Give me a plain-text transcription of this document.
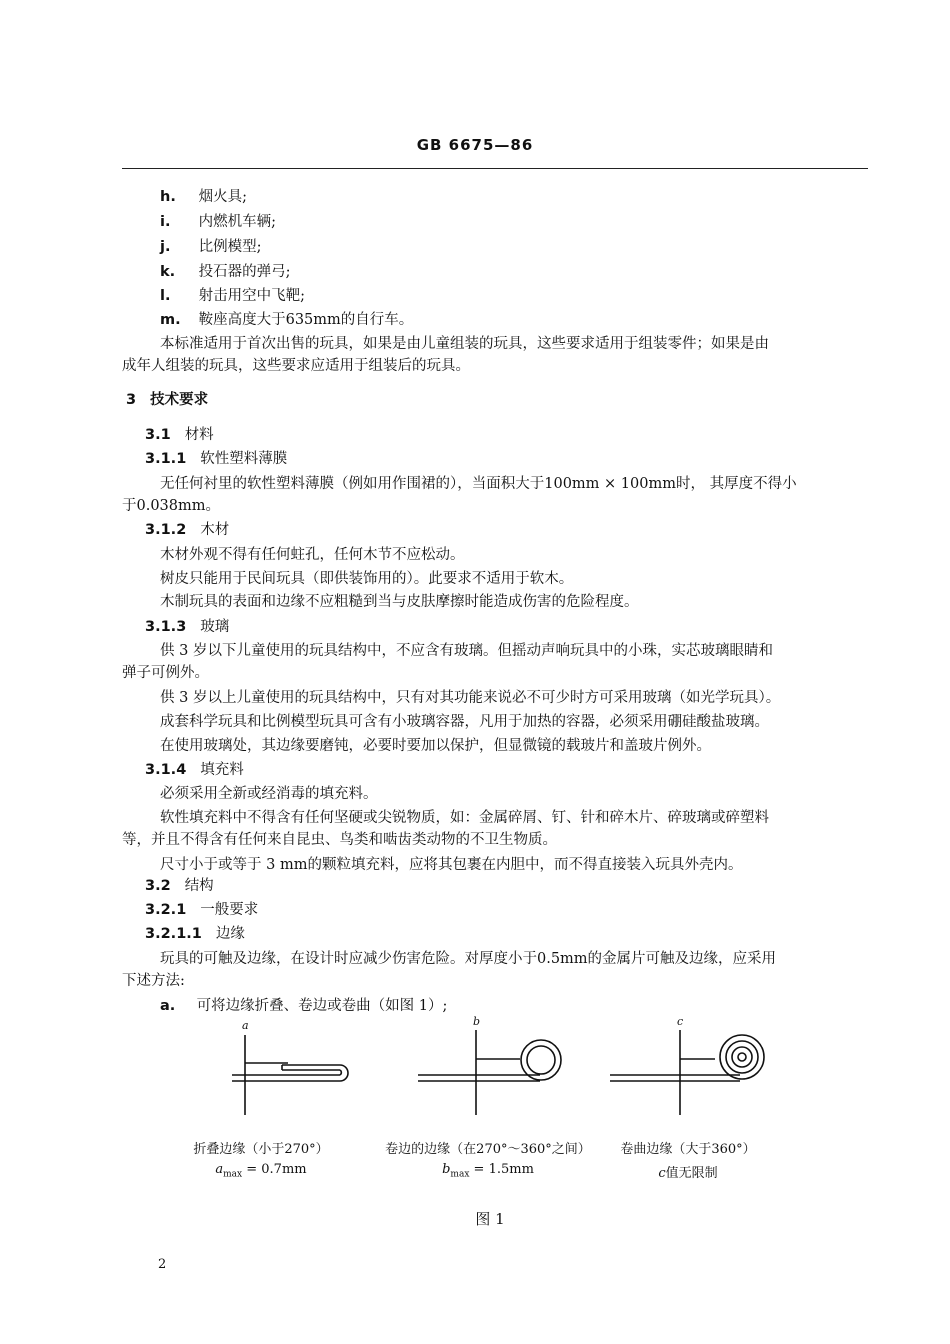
GB 6675—86
h. 烟火具;
i. 内燃机车辆;
j. 比例模型;
k. 投石器的弹弓;
l. 射击用空中飞靶;
m. 鞍座高度大于635mm的自行车。
本标准适用于首次出售的玩具，如果是由儿童组装的玩具，这些要求适用于组装零件；如果是由
成年人组装的玩具，这些要求应适用于组装后的玩具。
3 技术要求
3.1 材料
3.1.1 软性塑料薄膜
无任何衬里的软性塑料薄膜（例如用作围裙的），当面积大于100mm × 100mm时， 其厚度不得小
于0.038mm。
3.1.2 木材
木材外观不得有任何蛀孔，任何木节不应松动。
树皮只能用于民间玩具（即供装饰用的）。此要求不适用于软木。
木制玩具的表面和边缘不应粗糙到当与皮肤摩擦时能造成伤害的危险程度。
3.1.3 玻璃
供 3 岁以下儿童使用的玩具结构中，不应含有玻璃。但摇动声响玩具中的小珠，实芯玻璃眼睛和
弹子可例外。
供 3 岁以上儿童使用的玩具结构中，只有对其功能来说必不可少时方可采用玻璃（如光学玩具）。
成套科学玩具和比例模型玩具可含有小玻璃容器，凡用于加热的容器，必须采用硼硅酸盐玻璃。
在使用玻璃处，其边缘要磨钝，必要时要加以保护，但显微镜的载玻片和盖玻片例外。
3.1.4 填充料
必须采用全新或经消毒的填充料。
软性填充料中不得含有任何坚硬或尖锐物质，如：金属碎屑、钉、针和碎木片、碎玻璃或碎塑料
等，并且不得含有任何来自昆虫、鸟类和啮齿类动物的不卫生物质。
尺寸小于或等于 3 mm的颗粒填充料，应将其包裹在内胆中，而不得直接装入玩具外壳内。
3.2 结构
3.2.1 一般要求
3.2.1.1 边缘
玩具的可触及边缘，在设计时应减少伤害危险。对厚度小于0.5mm的金属片可触及边缘，应采用
下述方法:
a. 可将边缘折叠、卷边或卷曲（如图 1）;
a	b	c
折叠边缘（小于270°）	卷边的边缘（在270°～360°之间）	卷曲边缘（大于360°）
$a_{max} = 0.7mm$	$b_{max} = 1.5mm$	c值无限制
图 1
2
